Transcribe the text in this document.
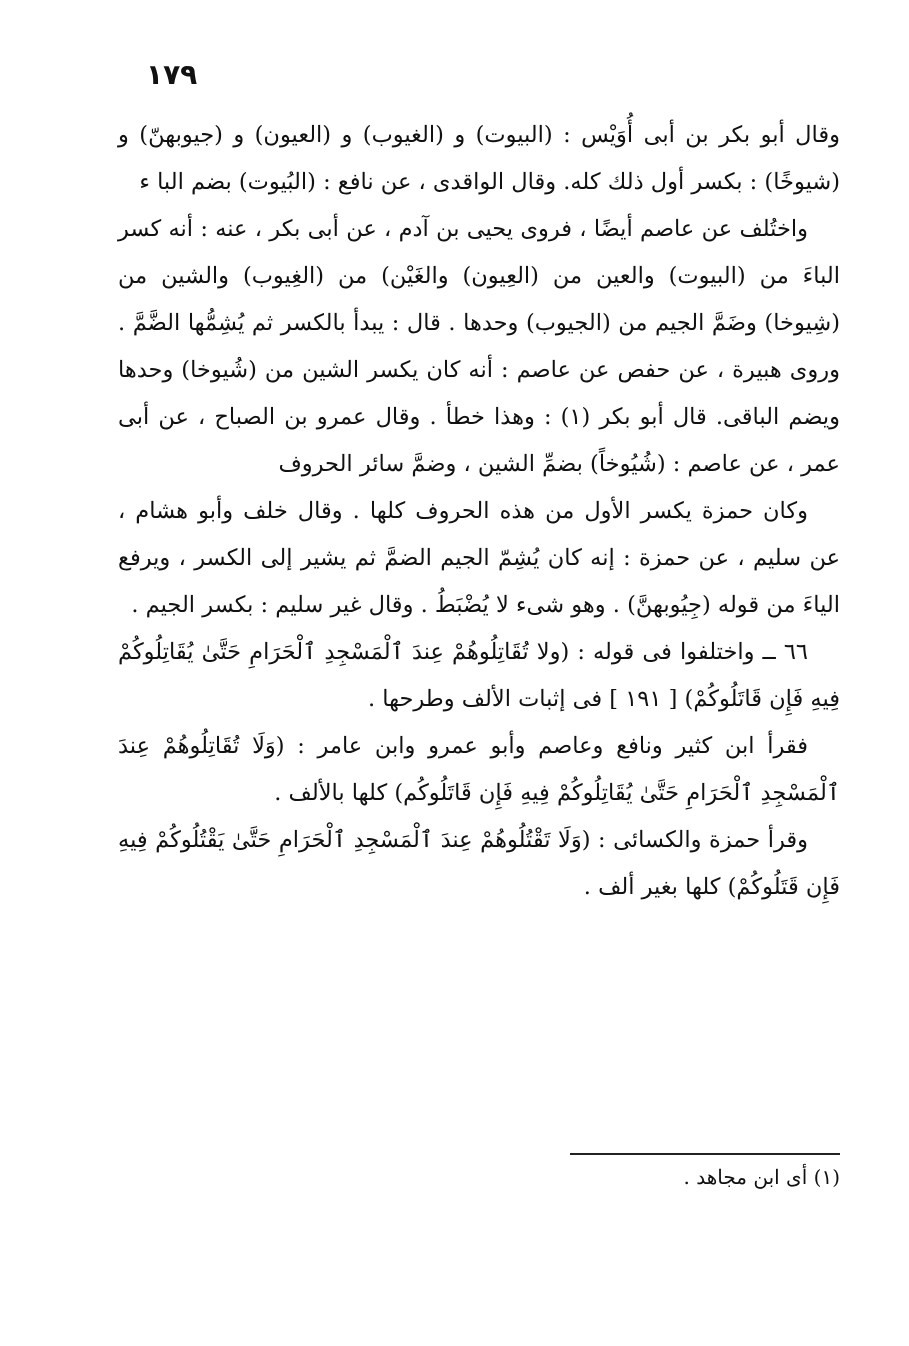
١٧٩

وقال أبو بكر بن أبى أُوَيْس : (البيوت) و (الغيوب) و (العيون) و (جيوبهنّ) و (شيوخًا) : بكسر أول ذلك كله. وقال الواقدى ، عن نافع : (البُيوت) بضم البا ء

واختُلف عن عاصم أيضًا ، فروى يحيى بن آدم ، عن أبى بكر ، عنه : أنه كسر الباءَ من (البيوت) والعين من (العِيون) والغَيْن) من (الغِيوب) والشين من (شِيوخا) وضَمَّ الجيم من (الجيوب) وحدها . قال : يبدأ بالكسر ثم يُشِمُّها الضَّمَّ . وروى هبيرة ، عن حفص عن عاصم : أنه كان يكسر الشين من (شُيوخا) وحدها ويضم الباقى. قال أبو بكر (١) : وهذا خطأ . وقال عمرو بن الصباح ، عن أبى عمر ، عن عاصم : (شُيُوخاً) بضمِّ الشين ، وضمَّ سائر الحروف

وكان حمزة يكسر الأول من هذه الحروف كلها . وقال خلف وأبو هشام ، عن سليم ، عن حمزة : إنه كان يُشِمّ الجيم الضمَّ ثم يشير إلى الكسر ، ويرفع الياءَ من قوله (جِيُوبهنَّ) . وهو شىء لا يُضْبَطُ . وقال غير سليم : بكسر الجيم .

٦٦ ــ واختلفوا فى قوله : (ولا تُقَاتِلُوهُمْ عِندَ ٱلْمَسْجِدِ ٱلْحَرَامِ حَتَّىٰ يُقَاتِلُوكُمْ فِيهِ فَإِن قَاتَلُوكُمْ) [ ١٩١ ] فى إثبات الألف وطرحها .

فقرأ ابن كثير ونافع وعاصم وأبو عمرو وابن عامر : (وَلَا تُقَاتِلُوهُمْ عِندَ ٱلْمَسْجِدِ ٱلْحَرَامِ حَتَّىٰ يُقَاتِلُوكُمْ فِيهِ فَإِن قَاتَلُوكُم) كلها بالألف .

وقرأ حمزة والكسائى : (وَلَا تَقْتُلُوهُمْ عِندَ ٱلْمَسْجِدِ ٱلْحَرَامِ حَتَّىٰ يَقْتُلُوكُمْ فِيهِ فَإِن قَتَلُوكُمْ) كلها بغير ألف .

(١) أى ابن مجاهد .
